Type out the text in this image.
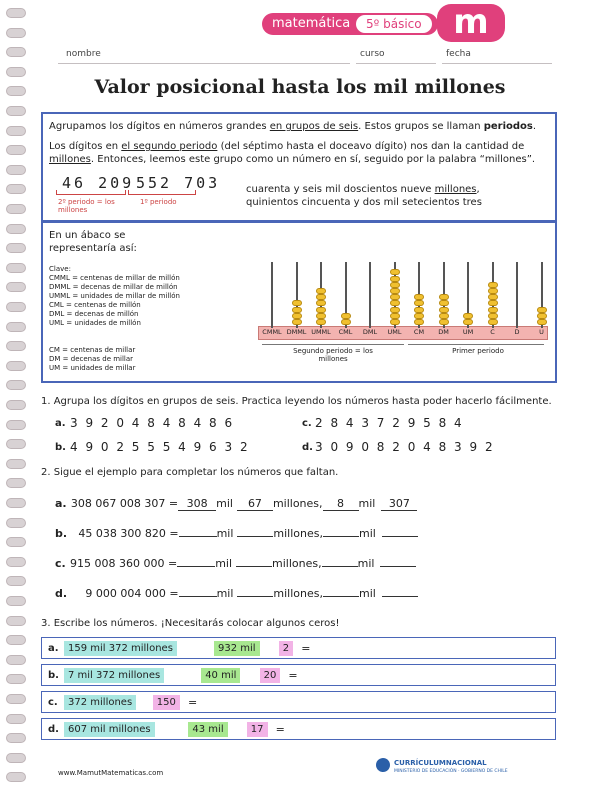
matemática	5º básico m
nombre	curso	fecha
Valor posicional hasta los mil millones
Agrupamos los dígitos en números grandes en grupos de seis. Estos grupos se llaman periodos.
Los dígitos en el segundo periodo (del séptimo hasta el doceavo dígito) nos dan la cantidad de
millones. Entonces, leemos este grupo como un número en sí, seguido por la palabra “millones”.
46 209 552 703
2º periodo = los millones
1º periodo
cuarenta y seis mil doscientos nueve millones,
quinientos cincuenta y dos mil setecientos tres
En un ábaco se representaría así:
Clave:
CMML = centenas de millar de millón
DMML = decenas de millar de millón
UMML = unidades de millar de millón
CML = centenas de millón
DML = decenas de millón
UML = unidades de millón
CM = centenas de millar
DM = decenas de millar
UM = unidades de millar
Segundo periodo = los millones
Primer periodo
CMML DMML UMML	CML	DML	UML	CM	DM	UM	C	D	U
1. Agrupa los dígitos en grupos de seis. Practica leyendo los números hasta poder hacerlo fácilmente.
a. 3 9 2 0 4 8 4 8 4 8 6	c. 2 8 4 3 7 2 9 5 8 4
b. 4 9 0 2 5 5 5 4 9 6 3 2	d. 3 0 9 0 8 2 0 4 8 3 9 2
2. Sigue el ejemplo para completar los números que faltan.
a. 308 067 008 307 = 308 mil 67 millones, 8 mil 307
b. 45 038 300 820 =	mil	millones,	mil
c. 915 008 360 000 =	mil	millones,	mil
d. 9 000 004 000 =	mil	millones,	mil
3. Escribe los números. ¡Necesitarás colocar algunos ceros!
a. 159 mil 372 millones	932 mil	2	=
b. 7 mil 372 millones	40 mil	20	=
c.	372 millones	150	=
d. 607 mil millones	43 mil	17	=
www.MamutMatematicas.com
CURRÍCULUMNACIONAL
MINISTERIO DE EDUCACIÓN · GOBIERNO DE CHILE
